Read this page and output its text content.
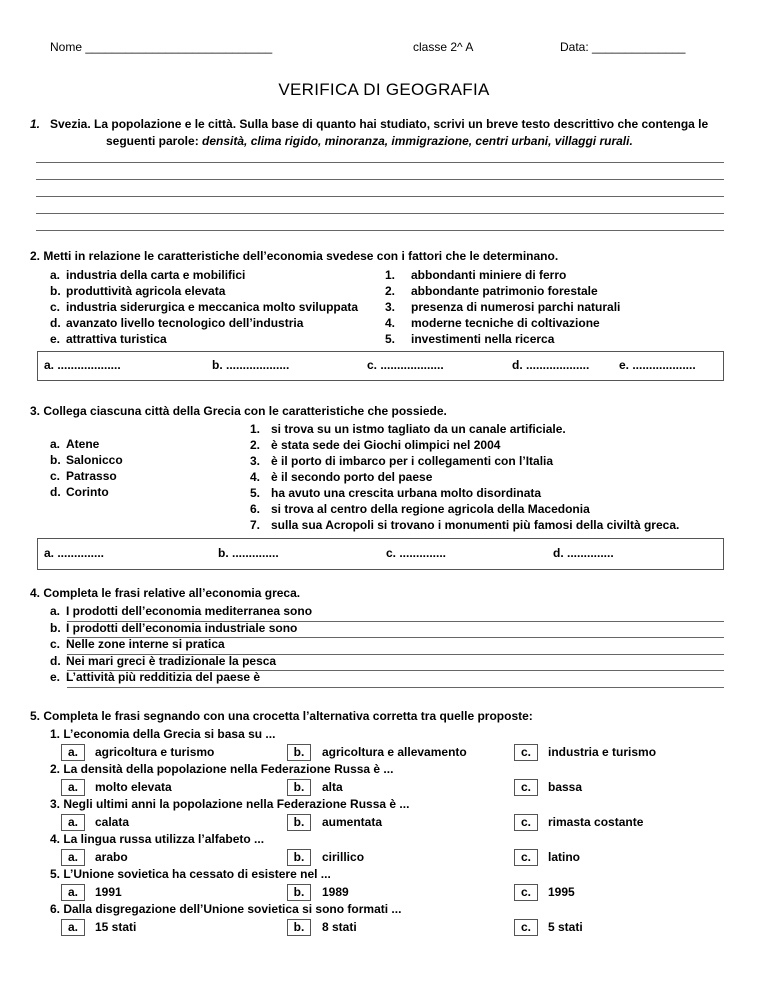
Nome ____________________________	classe 2^ A	Data: ______________
VERIFICA DI GEOGRAFIA
1. Svezia. La popolazione e le città. Sulla base di quanto hai studiato, scrivi un breve testo descrittivo che contenga le
seguenti parole: densità, clima rigido, minoranza, immigrazione, centri urbani, villaggi rurali.
2. Metti in relazione le caratteristiche dell’economia svedese con i fattori che le determinano.
a. industria della carta e mobilifici
b. produttività agricola elevata
c. industria siderurgica e meccanica molto sviluppata
d. avanzato livello tecnologico dell’industria
e. attrattiva turistica
1. abbondanti miniere di ferro
2. abbondante patrimonio forestale
3. presenza di numerosi parchi naturali
4. moderne tecniche di coltivazione
5. investimenti nella ricerca
a. ...................	b. ...................	c. ...................	d. ................... e. ...................
3. Collega ciascuna città della Grecia con le caratteristiche che possiede.
a. Atene
b. Salonicco
c. Patrasso
d. Corinto
1. si trova su un istmo tagliato da un canale artificiale.
2. è stata sede dei Giochi olimpici nel 2004
3. è il porto di imbarco per i collegamenti con l’Italia
4. è il secondo porto del paese
5. ha avuto una crescita urbana molto disordinata
6. si trova al centro della regione agricola della Macedonia
7. sulla sua Acropoli si trovano i monumenti più famosi della civiltà greca.
a. ..............	b. ..............	c. ..............	d. ..............
4. Completa le frasi relative all’economia greca.
a. I prodotti dell’economia mediterranea sono
b. I prodotti dell’economia industriale sono
c. Nelle zone interne si pratica
d. Nei mari greci è tradizionale la pesca
e. L’attività più redditizia del paese è
5. Completa le frasi segnando con una crocetta l’alternativa corretta tra quelle proposte:
1. L’economia della Grecia si basa su ...
a.	agricoltura e turismo	b.	agricoltura e allevamento	c.	industria e turismo
2. La densità della popolazione nella Federazione Russa è ...
a.	molto elevata	b.	alta	c.	bassa
3. Negli ultimi anni la popolazione nella Federazione Russa è ...
a.	calata	b.	aumentata	c.	rimasta costante
4. La lingua russa utilizza l’alfabeto ...
a.	arabo	b.	cirillico	c.	latino
5. L’Unione sovietica ha cessato di esistere nel ...
a.	1991	b.	1989	c.	1995
6. Dalla disgregazione dell’Unione sovietica si sono formati ...
a.	15 stati	b.	8 stati	c.	5 stati
